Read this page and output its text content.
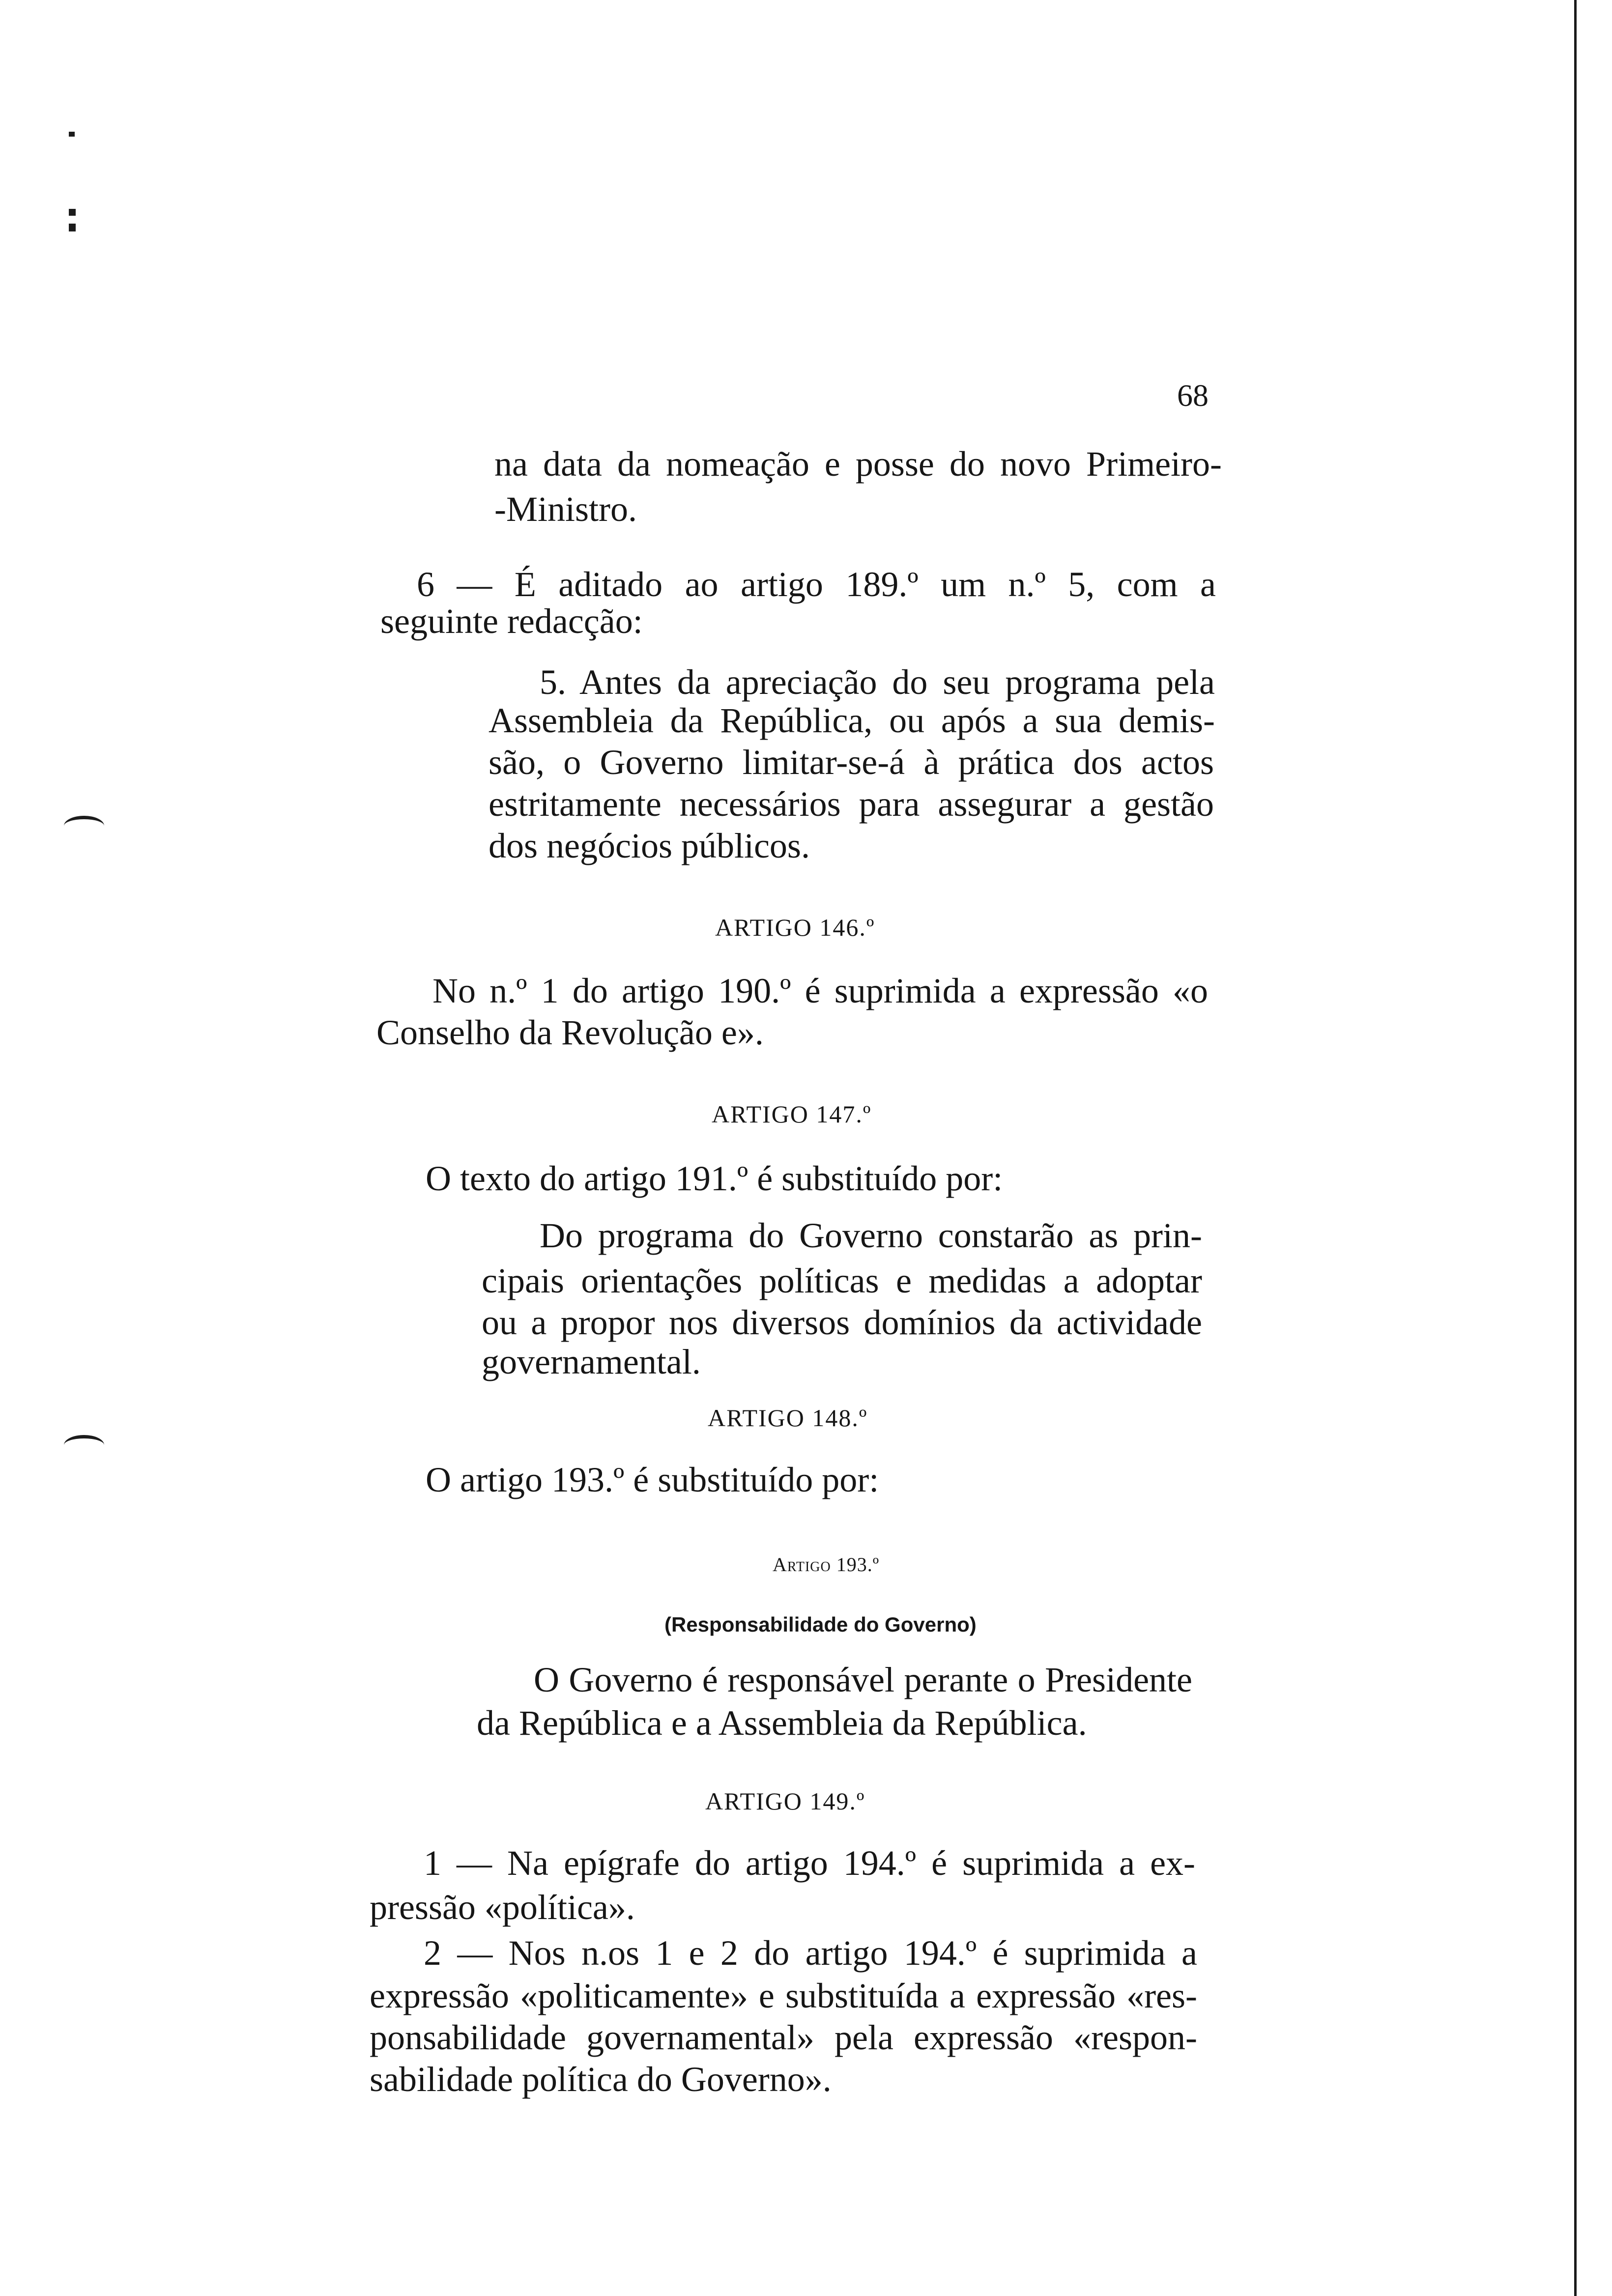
68
na data da nomeação e posse do novo Primeiro-
-Ministro.
6 — É aditado ao artigo 189.º um n.º 5, com a
seguinte redacção:
5. Antes da apreciação do seu programa pela
Assembleia da República, ou após a sua demis-
são, o Governo limitar-se-á à prática dos actos
estritamente necessários para assegurar a gestão
dos negócios públicos.
ARTIGO 146.º
No n.º 1 do artigo 190.º é suprimida a expressão «o
Conselho da Revolução e».
ARTIGO 147.º
O texto do artigo 191.º é substituído por:
Do programa do Governo constarão as prin-
cipais orientações políticas e medidas a adoptar
ou a propor nos diversos domínios da actividade
governamental.
ARTIGO 148.º
O artigo 193.º é substituído por:
Artigo 193.º
(Responsabilidade do Governo)
O Governo é responsável perante o Presidente
da República e a Assembleia da República.
ARTIGO 149.º
1 — Na epígrafe do artigo 194.º é suprimida a ex-
pressão «política».
2 — Nos n.os 1 e 2 do artigo 194.º é suprimida a
expressão «politicamente» e substituída a expressão «res-
ponsabilidade governamental» pela expressão «respon-
sabilidade política do Governo».
